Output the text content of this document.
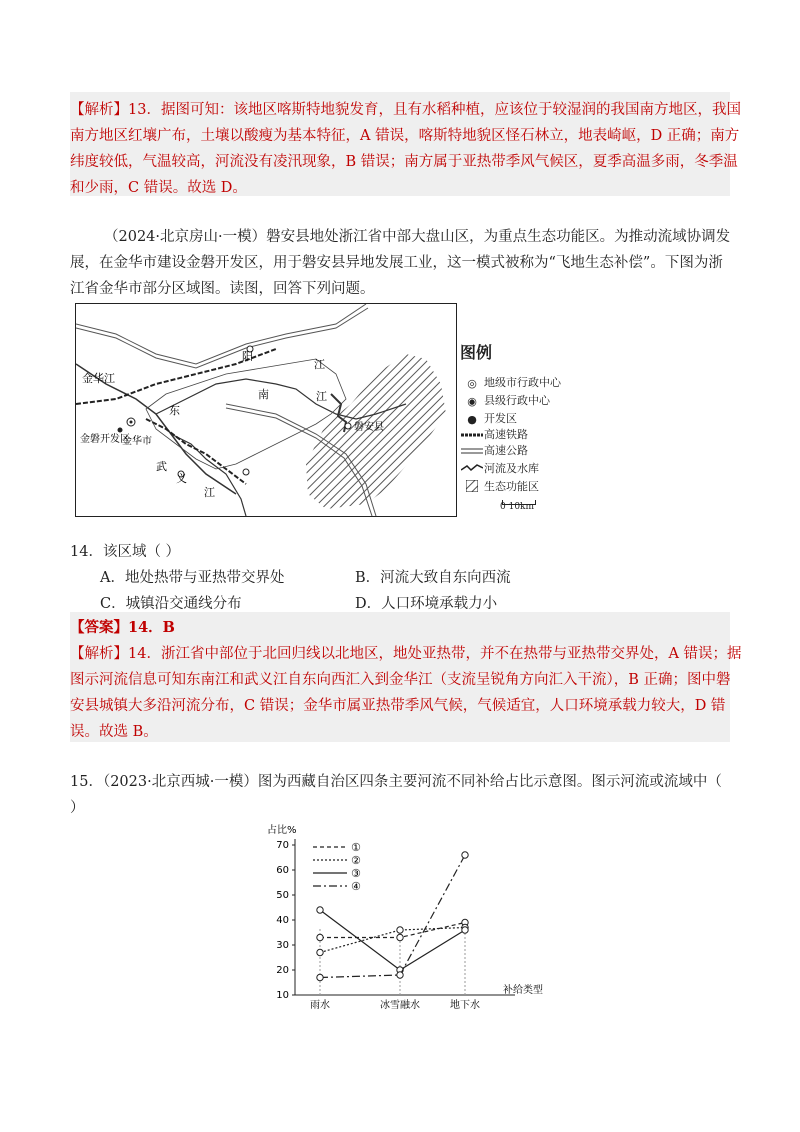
【解析】13．据图可知：该地区喀斯特地貌发育，且有水稻种植，应该位于较湿润的我国南方地区，我国
南方地区红壤广布，土壤以酸瘦为基本特征，A 错误，喀斯特地貌区怪石林立，地表崎岖，D 正确；南方
纬度较低，气温较高，河流没有凌汛现象，B 错误；南方属于亚热带季风气候区，夏季高温多雨，冬季温
和少雨，C 错误。故选 D。
（2024·北京房山·一模）磐安县地处浙江省中部大盘山区，为重点生态功能区。为推动流域协调发
展，在金华市建设金磐开发区，用于磐安县异地发展工业，这一模式被称为“飞地生态补偿”。下图为浙
江省金华市部分区域图。读图，回答下列问题。
金华江
东
阳
江
南	江
磐安县
金磐开发区
金华市
武
义
江
图例
◎ 地级市行政中心
◉ 县级行政中心
● 开发区
高速铁路
高速公路
河流及水库
生态功能区
0 10km
14．该区域（ ）
A．地处热带与亚热带交界处	B．河流大致自东向西流
C．城镇沿交通线分布	D．人口环境承载力小
【答案】14．B
【解析】14．浙江省中部位于北回归线以北地区，地处亚热带，并不在热带与亚热带交界处，A 错误；据
图示河流信息可知东南江和武义江自东向西汇入到金华江（支流呈锐角方向汇入干流），B 正确；图中磐
安县城镇大多沿河流分布，C 错误；金华市属亚热带季风气候，气候适宜，人口环境承载力较大，D 错
误。故选 B。
15．（2023·北京西城·一模）图为西藏自治区四条主要河流不同补给占比示意图。图示河流或流域中（
）
占比%
10
20
30
40
50
60
70
雨水	冰雪融水	地下水
补给类型
①
②
③
④
